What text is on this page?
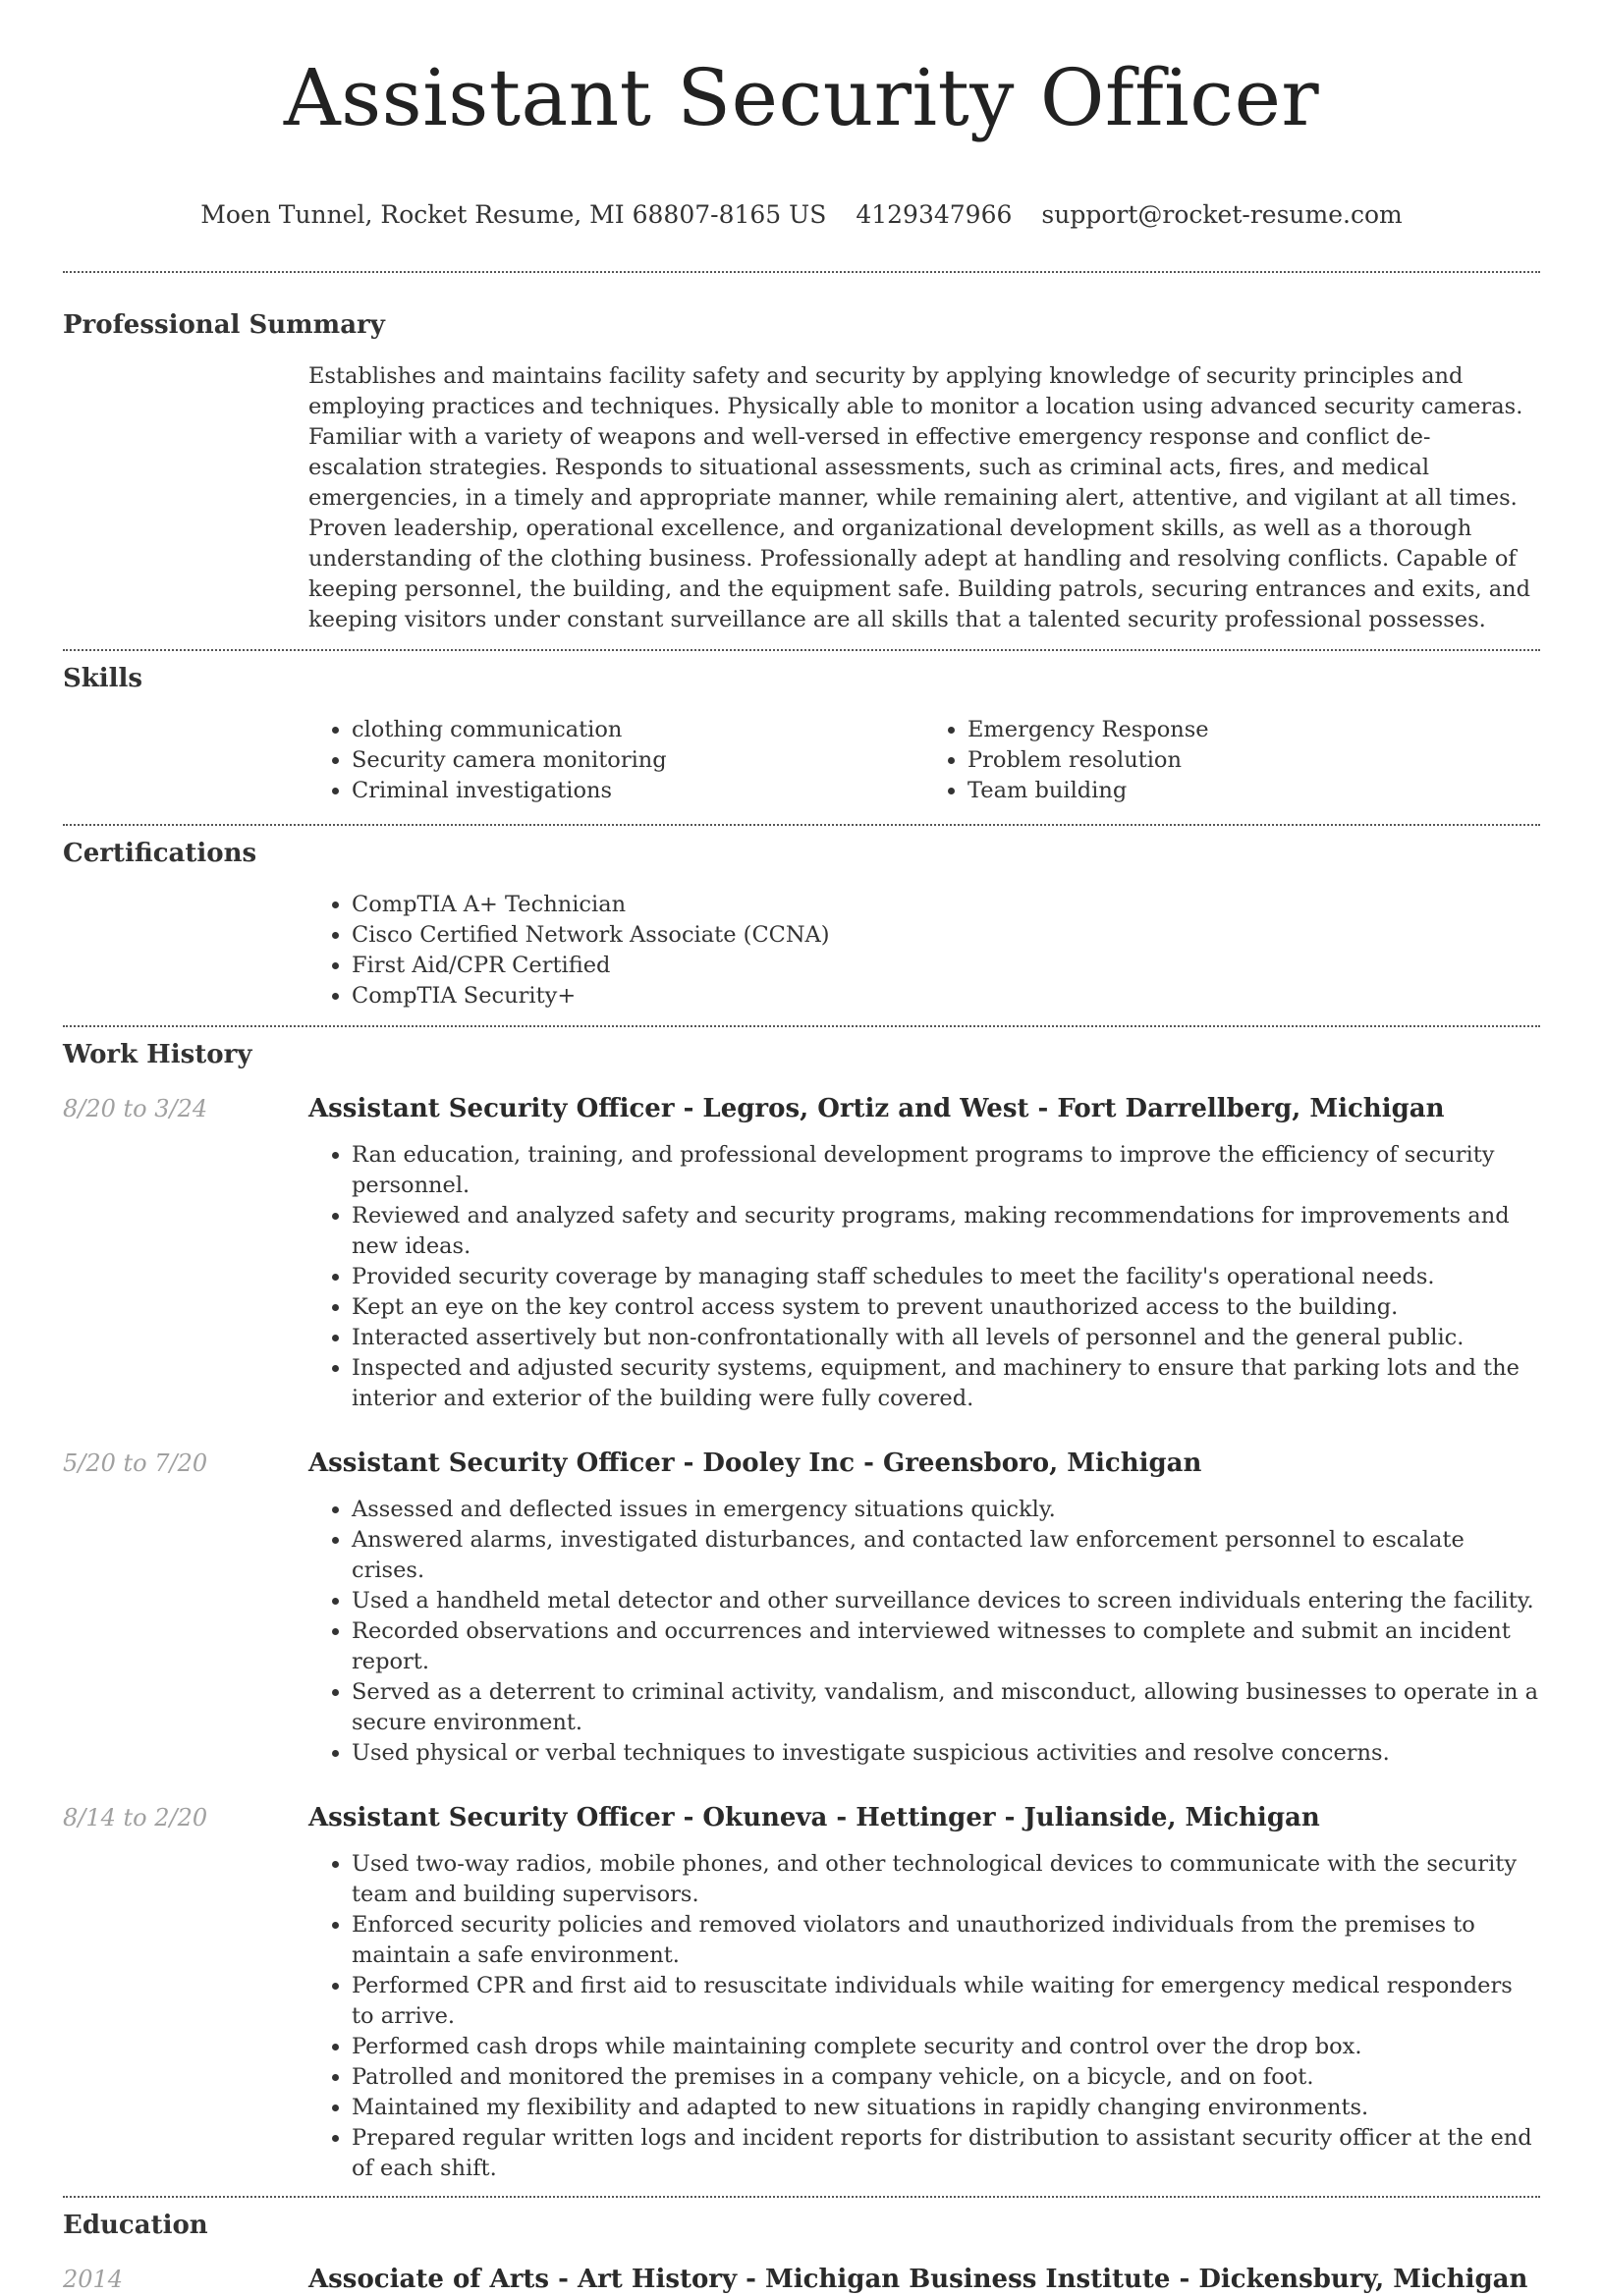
Assistant Security Officer
Moen Tunnel, Rocket Resume, MI 68807-8165 US 4129347966 support@rocket-resume.com
Professional Summary

Establishes and maintains facility safety and security by applying knowledge of security principles and employing practices and techniques. Physically able to monitor a location using advanced security cameras. Familiar with a variety of weapons and well-versed in effective emergency response and conflict de-escalation strategies. Responds to situational assessments, such as criminal acts, fires, and medical emergencies, in a timely and appropriate manner, while remaining alert, attentive, and vigilant at all times. Proven leadership, operational excellence, and organizational development skills, as well as a thorough understanding of the clothing business. Professionally adept at handling and resolving conflicts. Capable of keeping personnel, the building, and the equipment safe. Building patrols, securing entrances and exits, and keeping visitors under constant surveillance are all skills that a talented security professional possesses.

Skills
• clothing communication
• Security camera monitoring
• Criminal investigations
• Emergency Response
• Problem resolution
• Team building
Certifications
• CompTIA A+ Technician
• Cisco Certified Network Associate (CCNA)
• First Aid/CPR Certified
• CompTIA Security+
Work History
8/20 to 3/24	Assistant Security Officer - Legros, Ortiz and West - Fort Darrellberg, Michigan
• Ran education, training, and professional development programs to improve the efficiency of security personnel.
• Reviewed and analyzed safety and security programs, making recommendations for improvements and new ideas.
• Provided security coverage by managing staff schedules to meet the facility's operational needs.
• Kept an eye on the key control access system to prevent unauthorized access to the building.
• Interacted assertively but non-confrontationally with all levels of personnel and the general public.
• Inspected and adjusted security systems, equipment, and machinery to ensure that parking lots and the interior and exterior of the building were fully covered.
5/20 to 7/20	Assistant Security Officer - Dooley Inc - Greensboro, Michigan
• Assessed and deflected issues in emergency situations quickly.
• Answered alarms, investigated disturbances, and contacted law enforcement personnel to escalate crises.
• Used a handheld metal detector and other surveillance devices to screen individuals entering the facility.
• Recorded observations and occurrences and interviewed witnesses to complete and submit an incident report.
• Served as a deterrent to criminal activity, vandalism, and misconduct, allowing businesses to operate in a secure environment.
• Used physical or verbal techniques to investigate suspicious activities and resolve concerns.
8/14 to 2/20	Assistant Security Officer - Okuneva - Hettinger - Julianside, Michigan
• Used two-way radios, mobile phones, and other technological devices to communicate with the security team and building supervisors.
• Enforced security policies and removed violators and unauthorized individuals from the premises to maintain a safe environment.
• Performed CPR and first aid to resuscitate individuals while waiting for emergency medical responders to arrive.
• Performed cash drops while maintaining complete security and control over the drop box.
• Patrolled and monitored the premises in a company vehicle, on a bicycle, and on foot.
• Maintained my flexibility and adapted to new situations in rapidly changing environments.
• Prepared regular written logs and incident reports for distribution to assistant security officer at the end of each shift.
Education
2014	Associate of Arts - Art History - Michigan Business Institute - Dickensbury, Michigan
